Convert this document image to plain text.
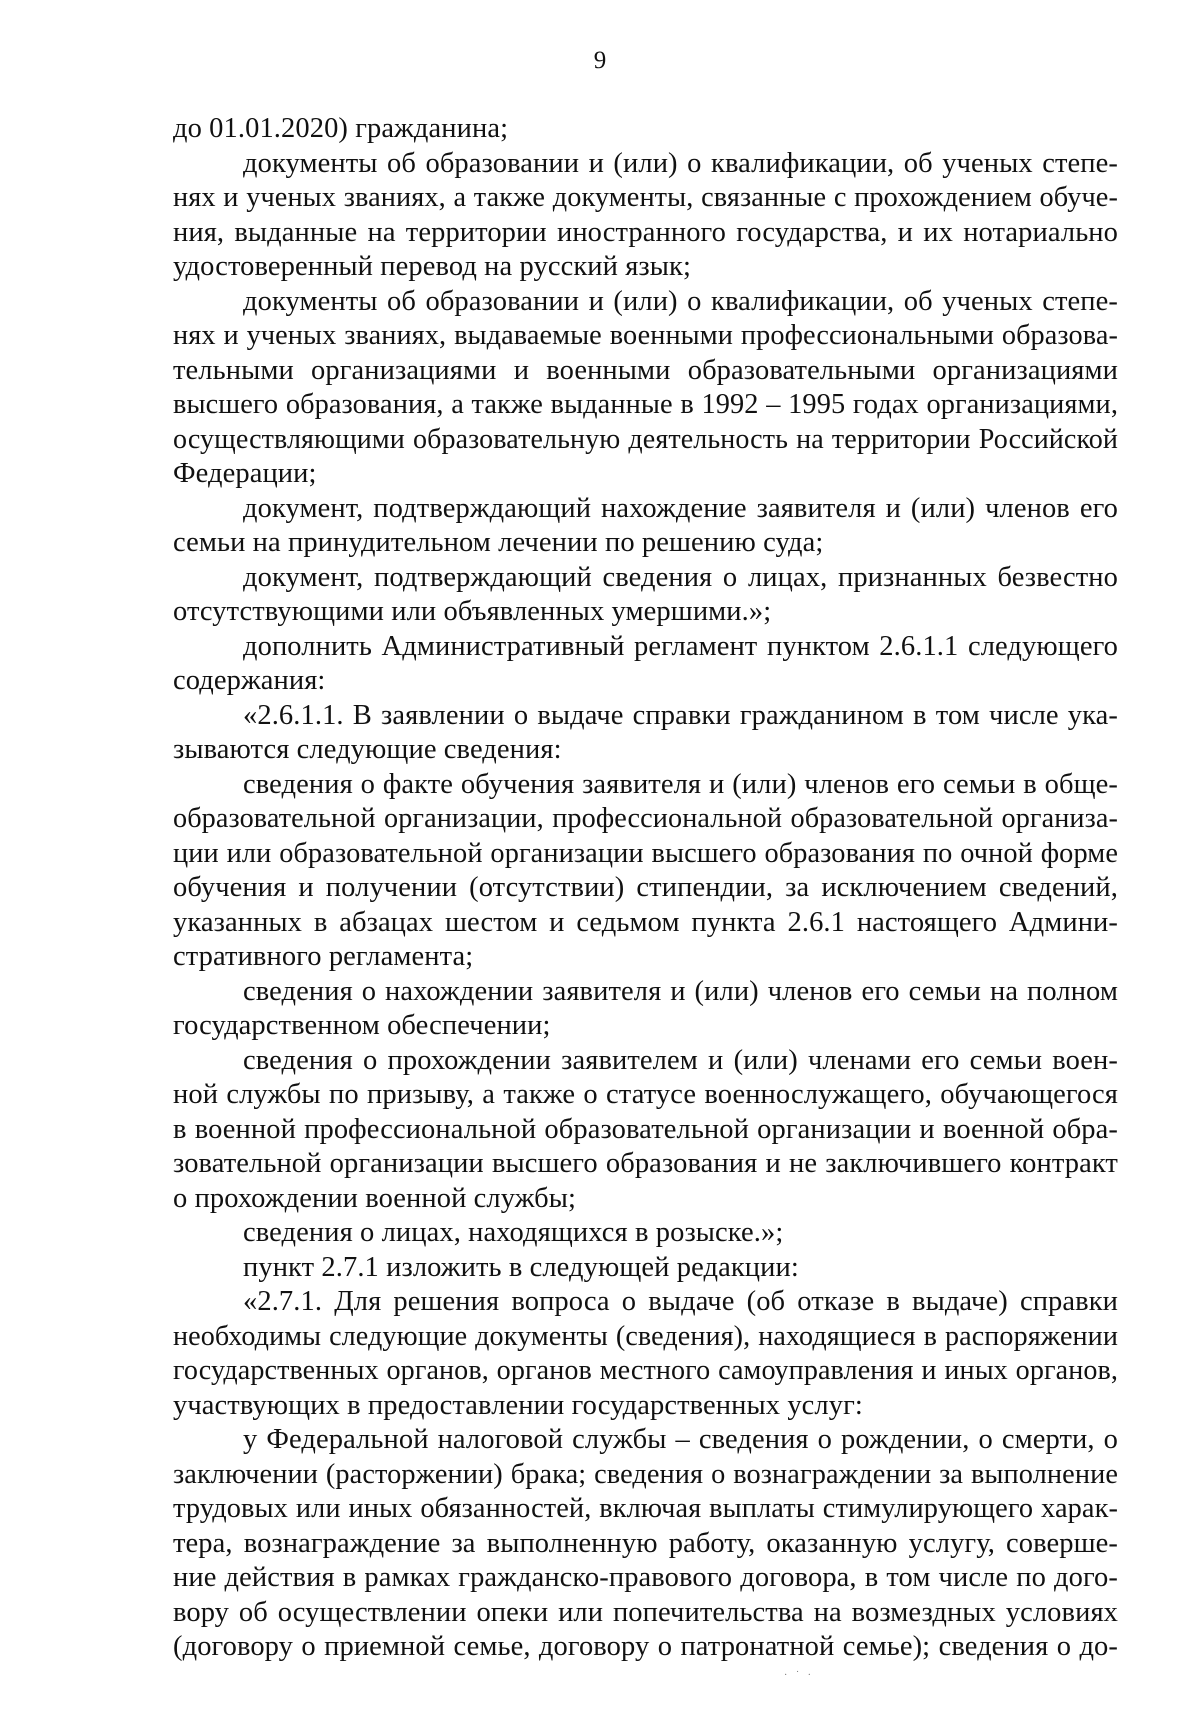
9
до 01.01.2020) гражданина;
документы об образовании и (или) о квалификации, об ученых степе-
нях и ученых званиях, а также документы, связанные с прохождением обуче-
ния, выданные на территории иностранного государства, и их нотариально
удостоверенный перевод на русский язык;
документы об образовании и (или) о квалификации, об ученых степе-
нях и ученых званиях, выдаваемые военными профессиональными образова-
тельными организациями и военными образовательными организациями
высшего образования, а также выданные в 1992 – 1995 годах организациями,
осуществляющими образовательную деятельность на территории Российской
Федерации;
документ, подтверждающий нахождение заявителя и (или) членов его
семьи на принудительном лечении по решению суда;
документ, подтверждающий сведения о лицах, признанных безвестно
отсутствующими или объявленных умершими.»;
дополнить Административный регламент пунктом 2.6.1.1 следующего
содержания:
«2.6.1.1. В заявлении о выдаче справки гражданином в том числе ука-
зываются следующие сведения:
сведения о факте обучения заявителя и (или) членов его семьи в обще-
образовательной организации, профессиональной образовательной организа-
ции или образовательной организации высшего образования по очной форме
обучения и получении (отсутствии) стипендии, за исключением сведений,
указанных в абзацах шестом и седьмом пункта 2.6.1 настоящего Админи-
стративного регламента;
сведения о нахождении заявителя и (или) членов его семьи на полном
государственном обеспечении;
сведения о прохождении заявителем и (или) членами его семьи воен-
ной службы по призыву, а также о статусе военнослужащего, обучающегося
в военной профессиональной образовательной организации и военной обра-
зовательной организации высшего образования и не заключившего контракт
о прохождении военной службы;
сведения о лицах, находящихся в розыске.»;
пункт 2.7.1 изложить в следующей редакции:
«2.7.1. Для решения вопроса о выдаче (об отказе в выдаче) справки
необходимы следующие документы (сведения), находящиеся в распоряжении
государственных органов, органов местного самоуправления и иных органов,
участвующих в предоставлении государственных услуг:
у Федеральной налоговой службы – сведения о рождении, о смерти, о
заключении (расторжении) брака; сведения о вознаграждении за выполнение
трудовых или иных обязанностей, включая выплаты стимулирующего харак-
тера, вознаграждение за выполненную работу, оказанную услугу, соверше-
ние действия в рамках гражданско-правового договора, в том числе по дого-
вору об осуществлении опеки или попечительства на возмездных условиях
(договору о приемной семье, договору о патронатной семье); сведения о до-
· ˙ ·
